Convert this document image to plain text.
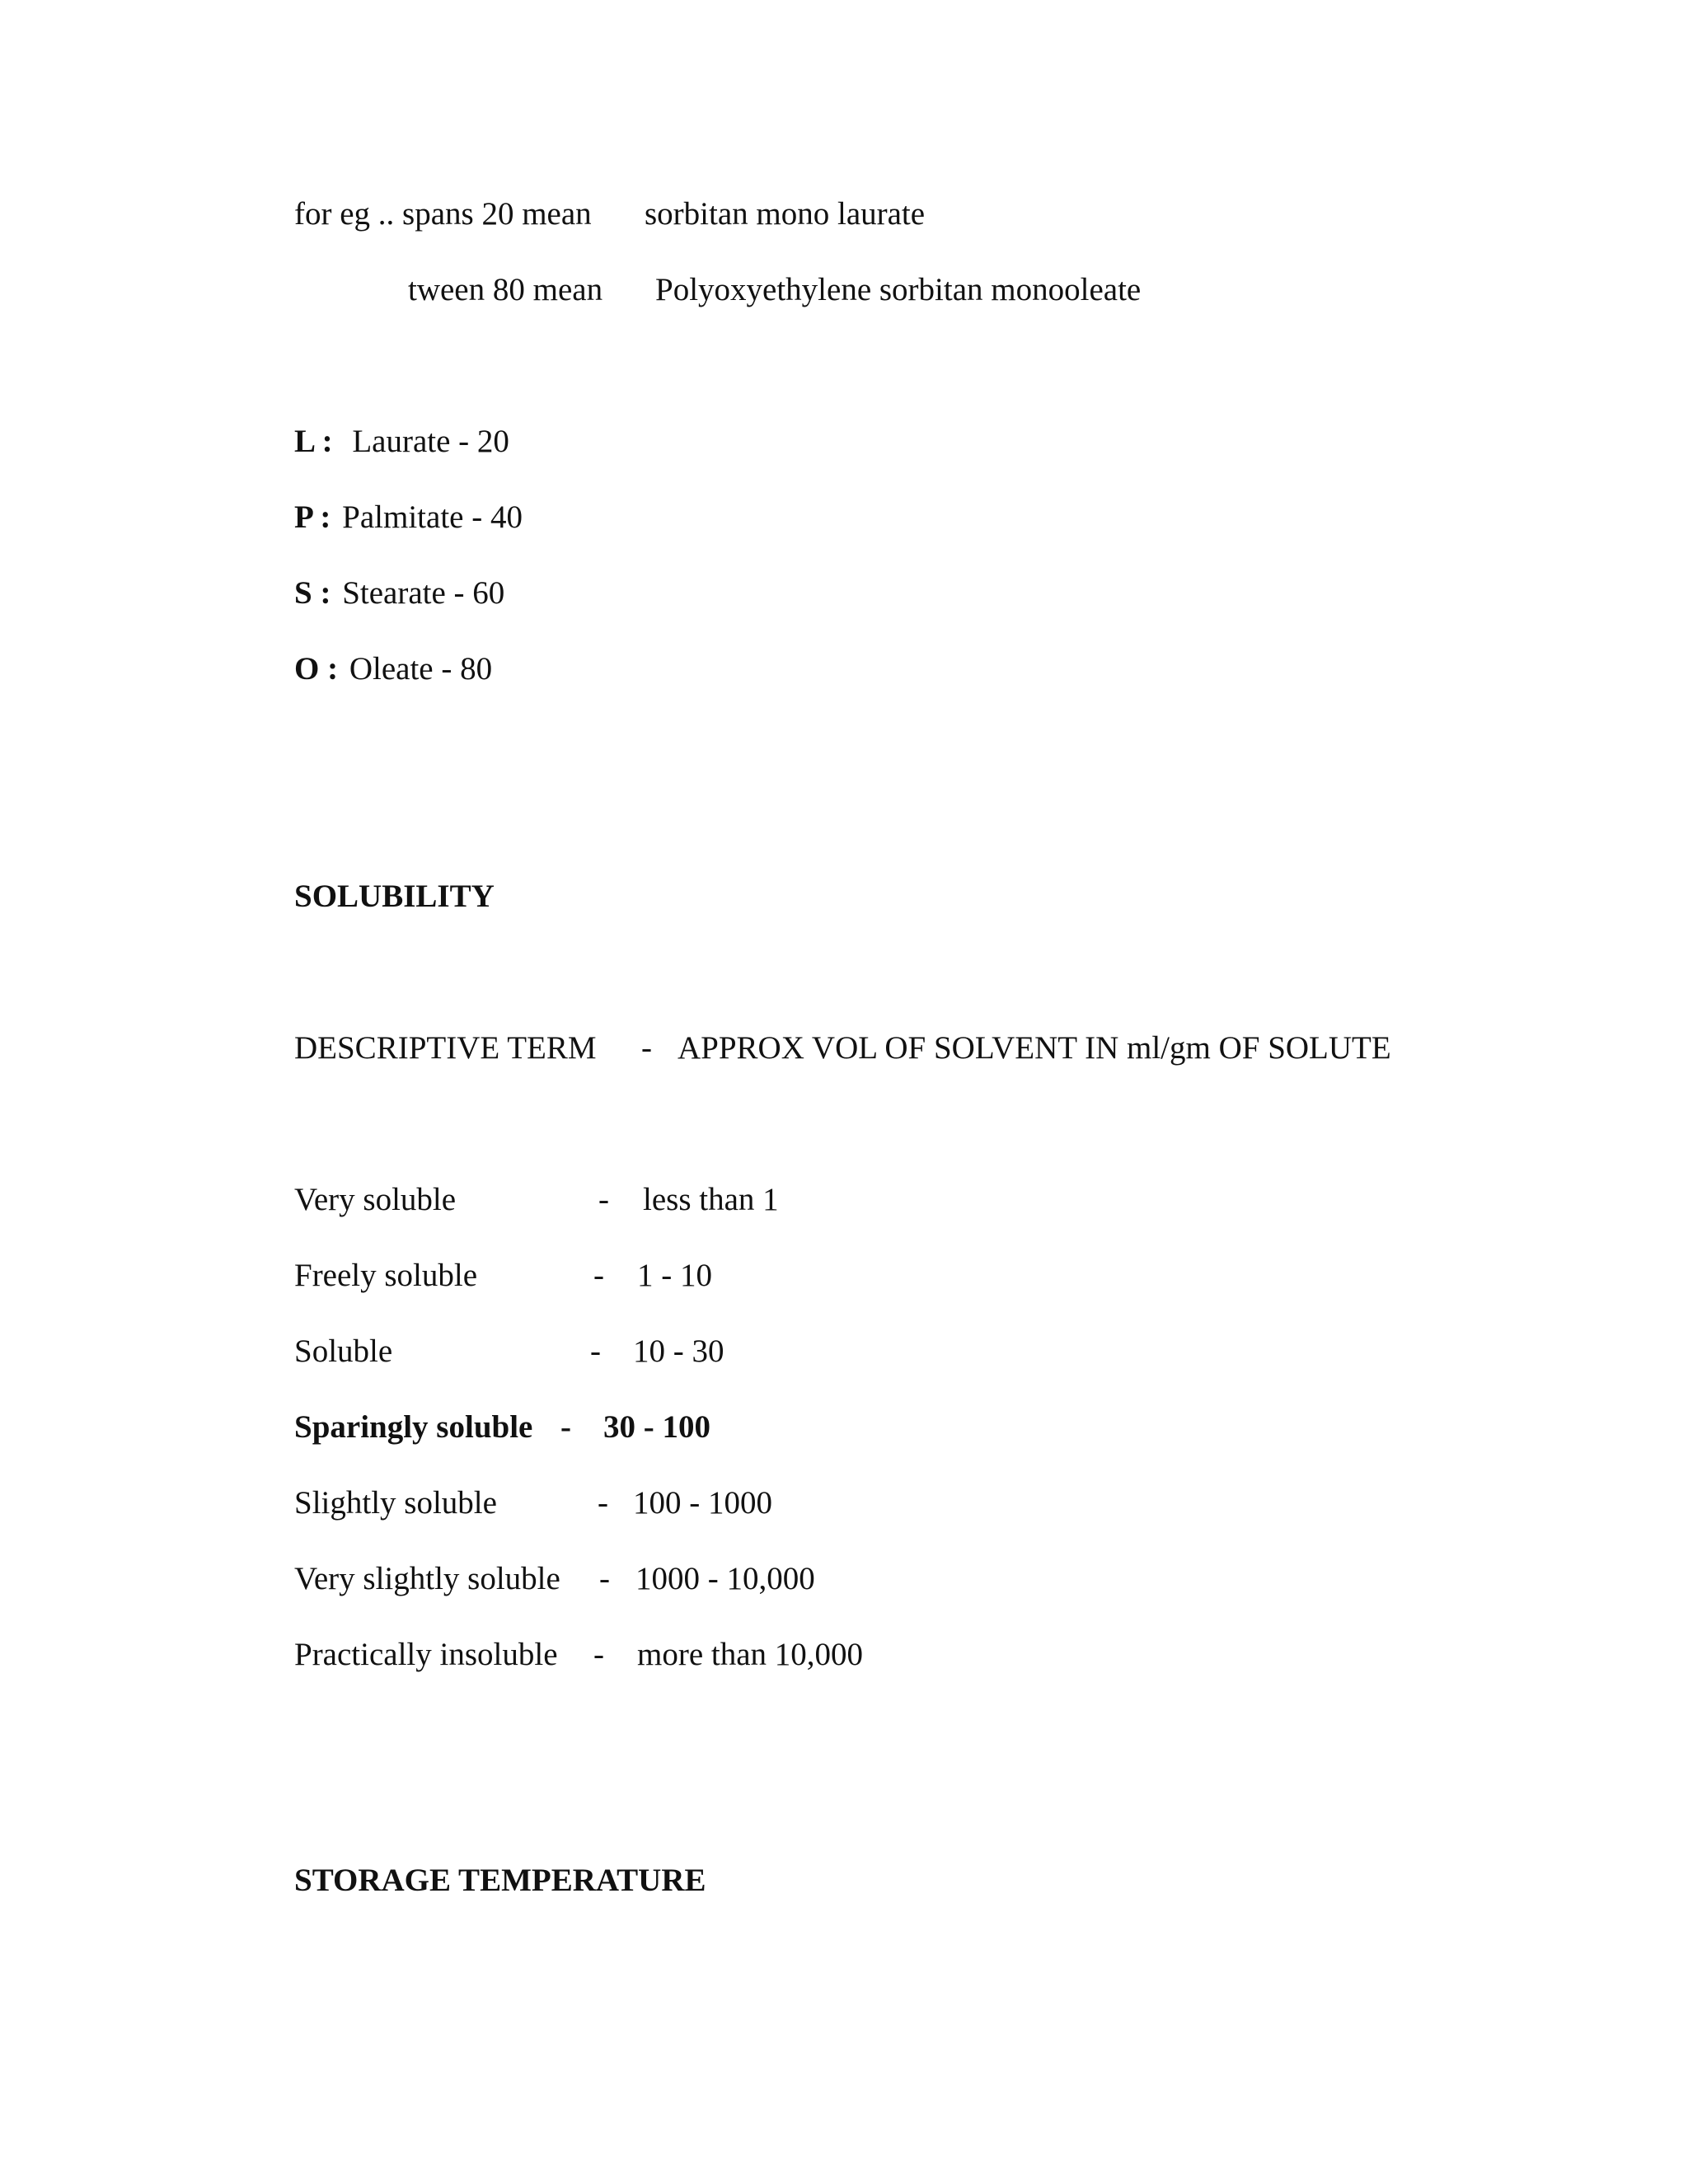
for eg .. spans 20 mean sorbitan mono laurate
tween 80 mean Polyoxyethylene sorbitan monooleate
L : Laurate - 20
P : Palmitate - 40
S : Stearate - 60
O : Oleate - 80
SOLUBILITY
DESCRIPTIVE TERM - APPROX VOL OF SOLVENT IN ml/gm OF SOLUTE
Very soluble	- less than 1
Freely soluble	- 1 - 10
Soluble	- 10 - 30
Sparingly soluble - 30 - 100
Slightly soluble	- 100 - 1000
Very slightly soluble - 1000 - 10,000
Practically insoluble - more than 10,000
STORAGE TEMPERATURE
